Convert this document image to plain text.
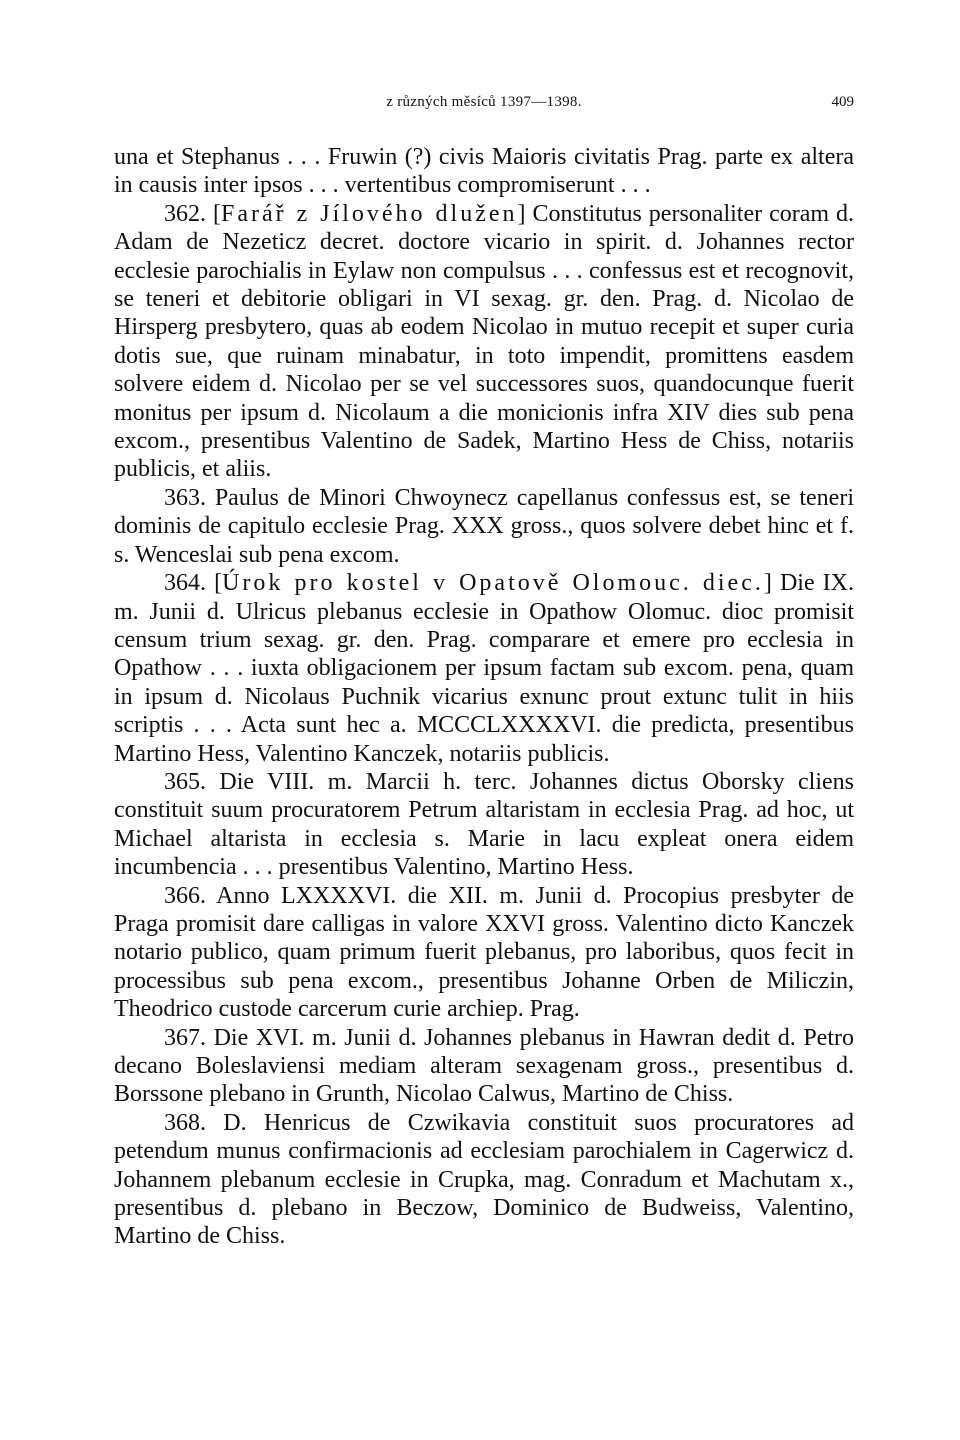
z různých měsíců 1397—1398.	409

una et Stephanus . . . Fruwin (?) civis Maioris civitatis Prag. parte ex altera in causis inter ipsos . . . vertentibus compromiserunt . . .

362. [Farář z Jílového dlužen] Constitutus personaliter coram d. Adam de Nezeticz decret. doctore vicario in spirit. d. Johannes rector ecclesie parochialis in Eylaw non compulsus . . . confessus est et recognovit, se teneri et debitorie obligari in VI sexag. gr. den. Prag. d. Nicolao de Hirsperg presbytero, quas ab eodem Nicolao in mutuo recepit et super curia dotis sue, que ruinam minabatur, in toto impendit, promittens easdem solvere eidem d. Nicolao per se vel successores suos, quandocunque fuerit monitus per ipsum d. Nicolaum a die monicionis infra XIV dies sub pena excom., presentibus Valentino de Sadek, Martino Hess de Chiss, notariis publicis, et aliis.

363. Paulus de Minori Chwoynecz capellanus confessus est, se teneri dominis de capitulo ecclesie Prag. XXX gross., quos solvere debet hinc et f. s. Wenceslai sub pena excom.

364. [Úrok pro kostel v Opatově Olomouc. diec.] Die IX. m. Junii d. Ulricus plebanus ecclesie in Opathow Olomuc. dioc promisit censum trium sexag. gr. den. Prag. comparare et emere pro ecclesia in Opathow . . . iuxta obligacionem per ipsum factam sub excom. pena, quam in ipsum d. Nicolaus Puchnik vicarius exnunc prout extunc tulit in hiis scriptis . . . Acta sunt hec a. MCCCLXXXXVI. die predicta, presentibus Martino Hess, Valentino Kanczek, notariis publicis.

365. Die VIII. m. Marcii h. terc. Johannes dictus Oborsky cliens constituit suum procuratorem Petrum altaristam in ecclesia Prag. ad hoc, ut Michael altarista in ecclesia s. Marie in lacu expleat onera eidem incumbencia . . . presentibus Valentino, Martino Hess.

366. Anno LXXXXVI. die XII. m. Junii d. Procopius presbyter de Praga promisit dare calligas in valore XXVI gross. Valentino dicto Kanczek notario publico, quam primum fuerit plebanus, pro laboribus, quos fecit in processibus sub pena excom., presentibus Johanne Orben de Miliczin, Theodrico custode carcerum curie archiep. Prag.

367. Die XVI. m. Junii d. Johannes plebanus in Hawran dedit d. Petro decano Boleslaviensi mediam alteram sexagenam gross., presentibus d. Borssone plebano in Grunth, Nicolao Calwus, Martino de Chiss.

368. D. Henricus de Czwikavia constituit suos procuratores ad petendum munus confirmacionis ad ecclesiam parochialem in Cagerwicz d. Johannem plebanum ecclesie in Crupka, mag. Conradum et Machutam x., presentibus d. plebano in Beczow, Dominico de Budweiss, Valentino, Martino de Chiss.
